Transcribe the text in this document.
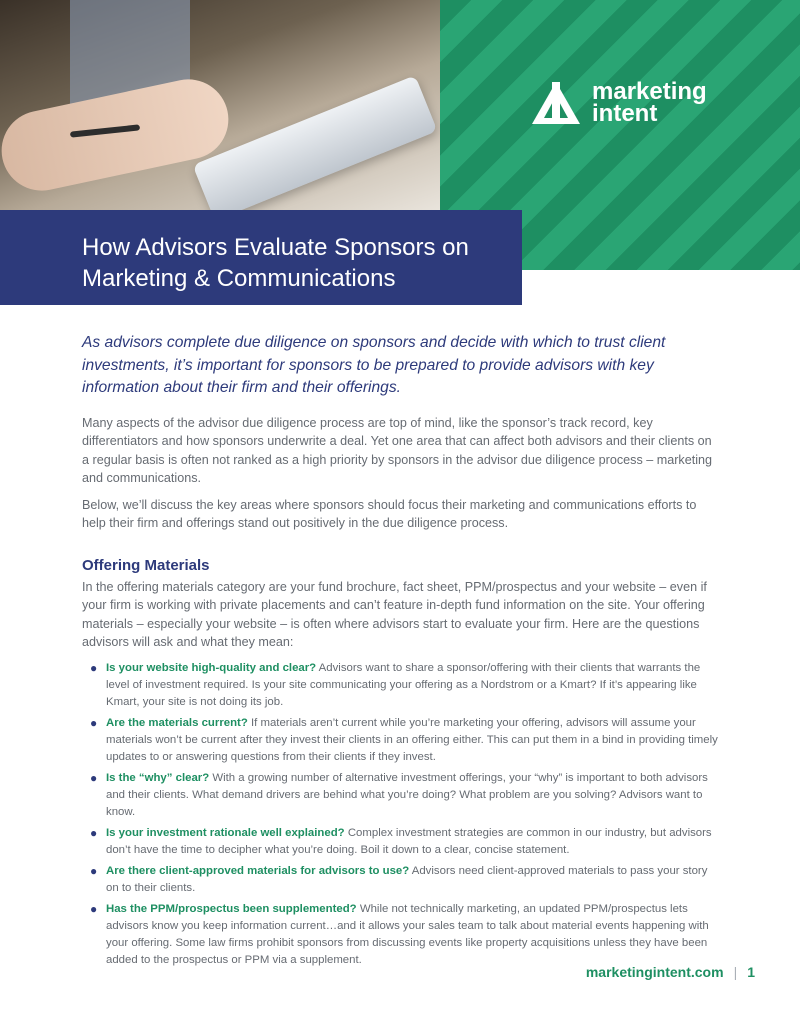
marketing
intent
How Advisors Evaluate Sponsors on
Marketing & Communications

As advisors complete due diligence on sponsors and decide with which to trust client investments, it’s important for sponsors to be prepared to provide advisors with key information about their firm and their offerings.

Many aspects of the advisor due diligence process are top of mind, like the sponsor’s track record, key differentiators and how sponsors underwrite a deal. Yet one area that can affect both advisors and their clients on a regular basis is often not ranked as a high priority by sponsors in the advisor due diligence process – marketing and communications.

Below, we’ll discuss the key areas where sponsors should focus their marketing and communications efforts to help their firm and offerings stand out positively in the due diligence process.

Offering Materials

In the offering materials category are your fund brochure, fact sheet, PPM/prospectus and your website – even if your firm is working with private placements and can’t feature in-depth fund information on the site. Your offering materials – especially your website – is often where advisors start to evaluate your firm. Here are the questions advisors will ask and what they mean:

● Is your website high-quality and clear? Advisors want to share a sponsor/offering with their clients that warrants the level of investment required. Is your site communicating your offering as a Nordstrom or a Kmart? If it’s appearing like Kmart, your site is not doing its job.
● Are the materials current? If materials aren’t current while you’re marketing your offering, advisors will assume your materials won’t be current after they invest their clients in an offering either. This can put them in a bind in providing timely updates to or answering questions from their clients if they invest.
● Is the “why” clear? With a growing number of alternative investment offerings, your “why” is important to both advisors and their clients. What demand drivers are behind what you’re doing? What problem are you solving? Advisors want to know.
● Is your investment rationale well explained? Complex investment strategies are common in our industry, but advisors don’t have the time to decipher what you’re doing. Boil it down to a clear, concise statement.
● Are there client-approved materials for advisors to use? Advisors need client-approved materials to pass your story on to their clients.
● Has the PPM/prospectus been supplemented? While not technically marketing, an updated PPM/prospectus lets advisors know you keep information current…and it allows your sales team to talk about material events happening with your offering. Some law firms prohibit sponsors from discussing events like property acquisitions unless they have been added to the prospectus or PPM via a supplement.
marketingintent.com | 1
